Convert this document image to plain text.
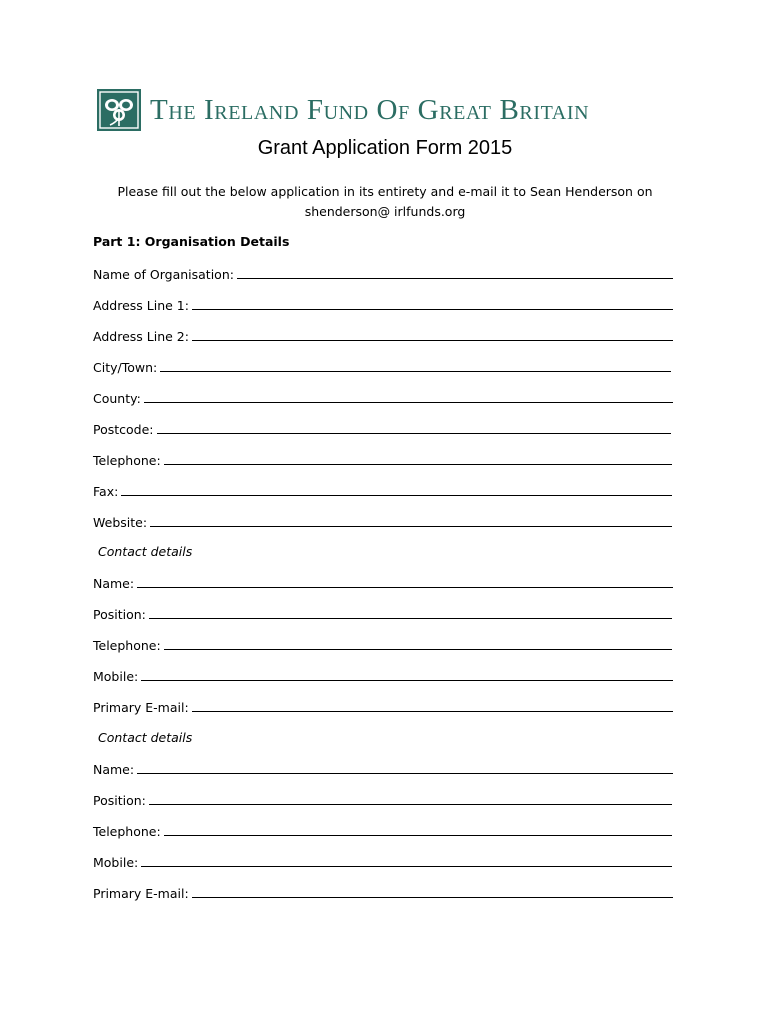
The Ireland Fund Of Great Britain
Grant Application Form 2015
Please fill out the below application in its entirety and e-mail it to Sean Henderson on
shenderson@ irlfunds.org
Part 1: Organisation Details
Name of Organisation:
Address Line 1:
Address Line 2:
City/Town:
County:
Postcode:
Telephone:
Fax:
Website:
Contact details
Name:
Position:
Telephone:
Mobile:
Primary E-mail:
Contact details
Name:
Position:
Telephone:
Mobile:
Primary E-mail:
